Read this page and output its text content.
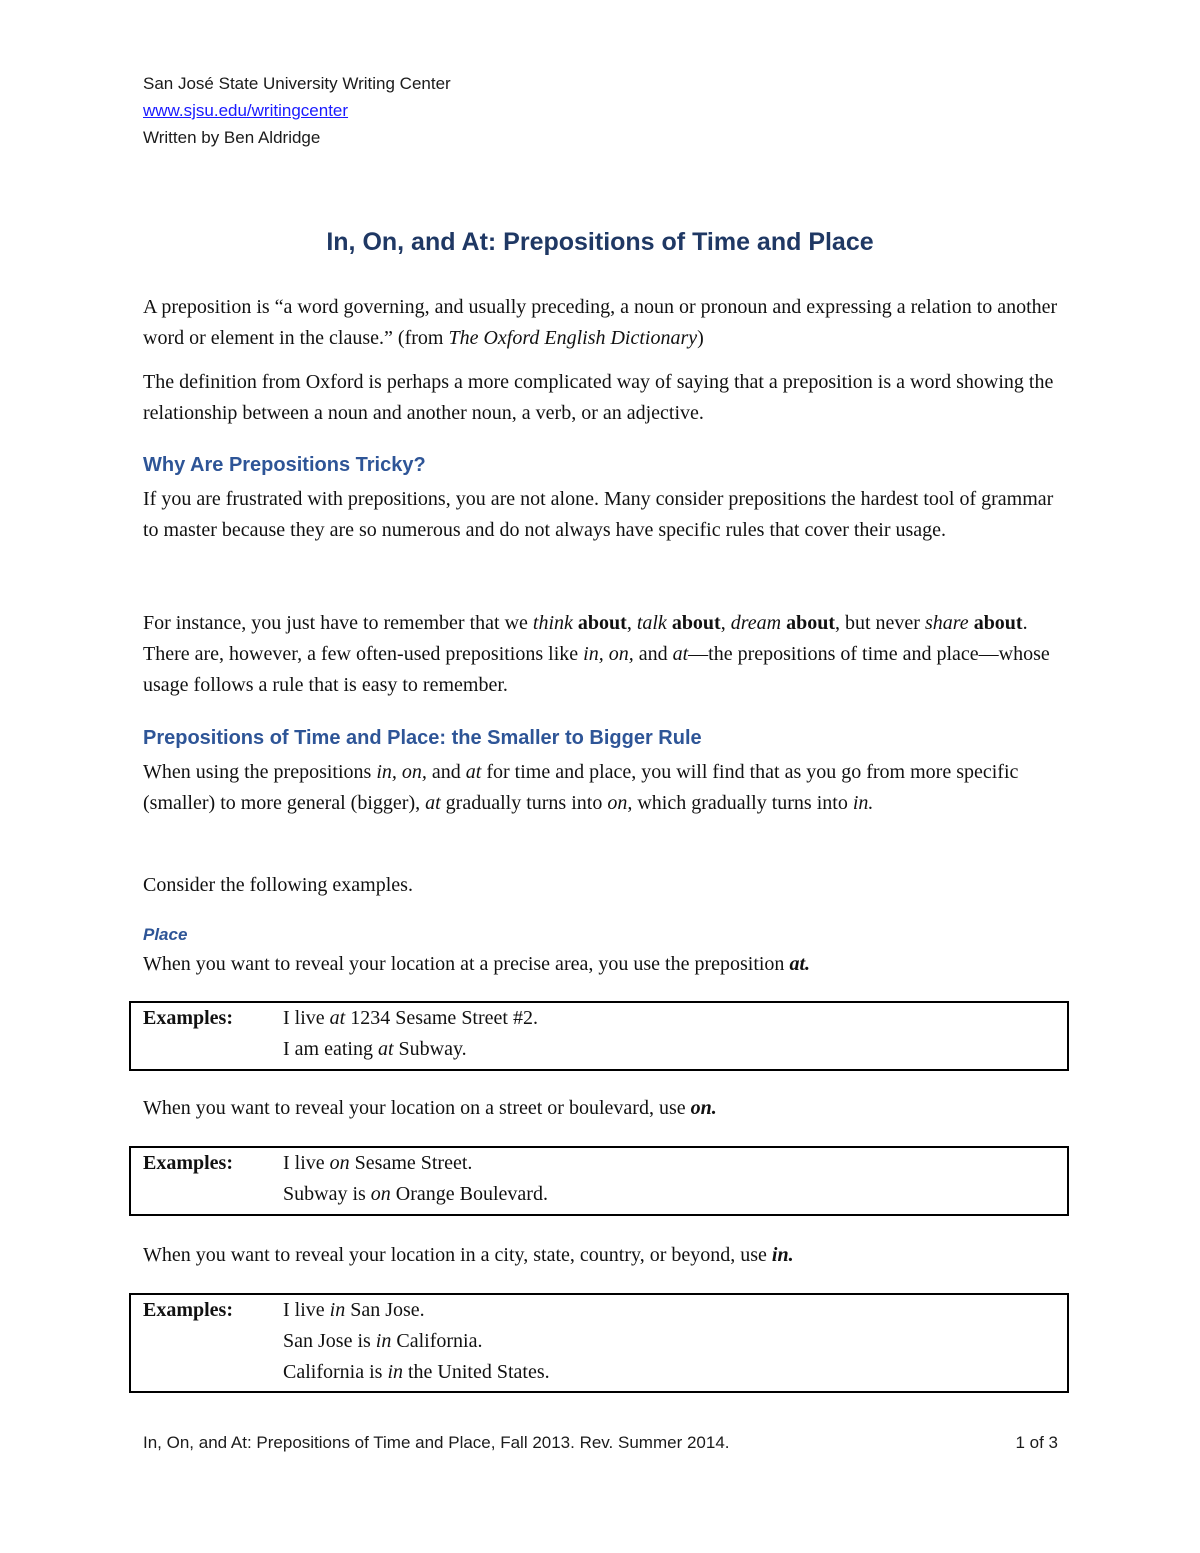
San José State University Writing Center
www.sjsu.edu/writingcenter
Written by Ben Aldridge
In, On, and At: Prepositions of Time and Place

A preposition is “a word governing, and usually preceding, a noun or pronoun and expressing a relation to another word or element in the clause.” (from The Oxford English Dictionary)

The definition from Oxford is perhaps a more complicated way of saying that a preposition is a word showing the relationship between a noun and another noun, a verb, or an adjective.
Why Are Prepositions Tricky?
If you are frustrated with prepositions, you are not alone. Many consider prepositions the hardest tool of grammar to master because they are so numerous and do not always have specific rules that cover their usage.

For instance, you just have to remember that we think about, talk about, dream about, but never share about. There are, however, a few often-used prepositions like in, on, and at—the prepositions of time and place—whose usage follows a rule that is easy to remember.

Prepositions of Time and Place: the Smaller to Bigger Rule

When using the prepositions in, on, and at for time and place, you will find that as you go from more specific (smaller) to more general (bigger), at gradually turns into on, which gradually turns into in.

Consider the following examples.
Place
When you want to reveal your location at a precise area, you use the preposition at.
Examples:	I live at 1234 Sesame Street #2.
I am eating at Subway.
When you want to reveal your location on a street or boulevard, use on.
Examples:	I live on Sesame Street.
Subway is on Orange Boulevard.
When you want to reveal your location in a city, state, country, or beyond, use in.
Examples:	I live in San Jose.
San Jose is in California.
California is in the United States.
In, On, and At: Prepositions of Time and Place, Fall 2013. Rev. Summer 2014.	1 of 3
